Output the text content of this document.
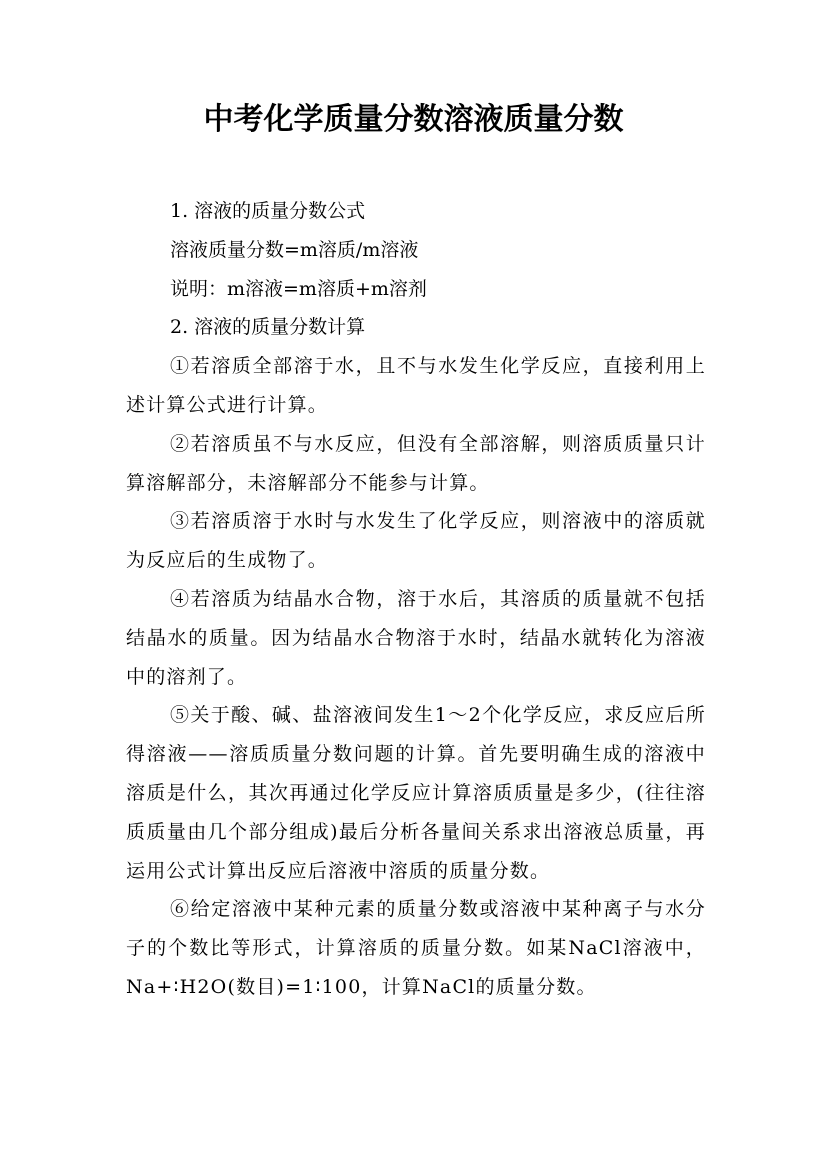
中考化学质量分数溶液质量分数

1. 溶液的质量分数公式

溶液质量分数=m溶质/m溶液

说明：m溶液=m溶质+m溶剂

2. 溶液的质量分数计算

①若溶质全部溶于水，且不与水发生化学反应，直接利用上述计算公式进行计算。

②若溶质虽不与水反应，但没有全部溶解，则溶质质量只计算溶解部分，未溶解部分不能参与计算。

③若溶质溶于水时与水发生了化学反应，则溶液中的溶质就为反应后的生成物了。

④若溶质为结晶水合物，溶于水后，其溶质的质量就不包括结晶水的质量。因为结晶水合物溶于水时，结晶水就转化为溶液中的溶剂了。

⑤关于酸、碱、盐溶液间发生1～2个化学反应，求反应后所得溶液——溶质质量分数问题的计算。首先要明确生成的溶液中溶质是什么，其次再通过化学反应计算溶质质量是多少，(往往溶质质量由几个部分组成)最后分析各量间关系求出溶液总质量，再运用公式计算出反应后溶液中溶质的质量分数。

⑥给定溶液中某种元素的质量分数或溶液中某种离子与水分子的个数比等形式，计算溶质的质量分数。如某NaCl溶液中，Na+∶H2O(数目)=1∶100，计算NaCl的质量分数。
